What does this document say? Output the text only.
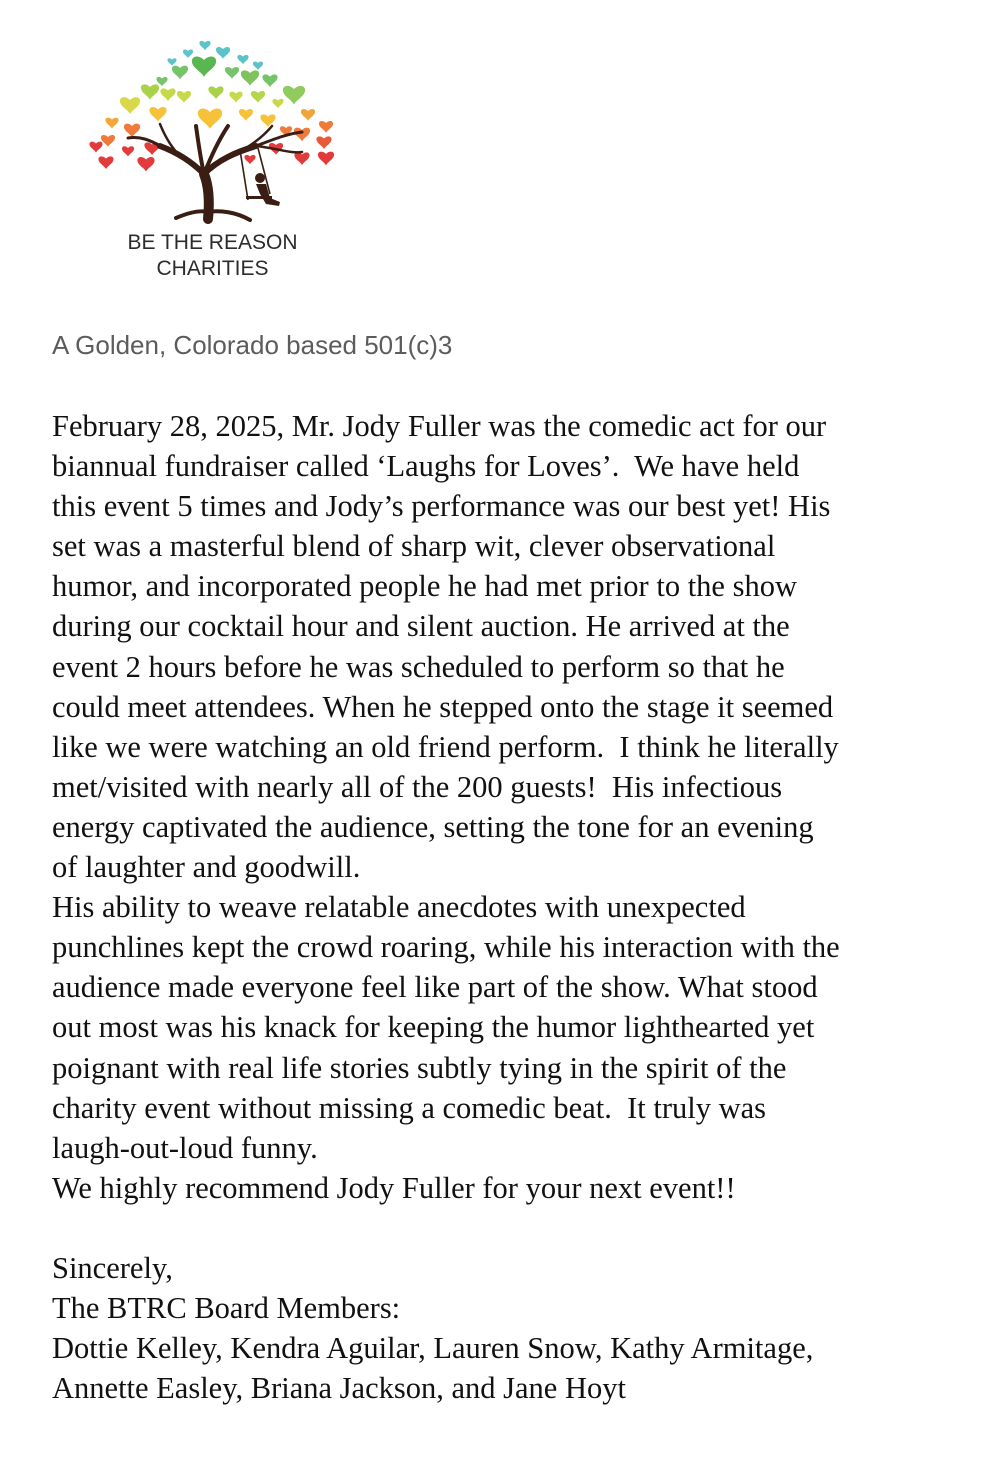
BE THE REASON
CHARITIES
A Golden, Colorado based 501(c)3
February 28, 2025, Mr. Jody Fuller was the comedic act for our
biannual fundraiser called ‘Laughs for Loves’.  We have held
this event 5 times and Jody’s performance was our best yet! His
set was a masterful blend of sharp wit, clever observational
humor, and incorporated people he had met prior to the show
during our cocktail hour and silent auction. He arrived at the
event 2 hours before he was scheduled to perform so that he
could meet attendees. When he stepped onto the stage it seemed
like we were watching an old friend perform.  I think he literally
met/visited with nearly all of the 200 guests!  His infectious
energy captivated the audience, setting the tone for an evening
of laughter and goodwill.
His ability to weave relatable anecdotes with unexpected
punchlines kept the crowd roaring, while his interaction with the
audience made everyone feel like part of the show. What stood
out most was his knack for keeping the humor lighthearted yet
poignant with real life stories subtly tying in the spirit of the
charity event without missing a comedic beat.  It truly was
laugh-out-loud funny.
We highly recommend Jody Fuller for your next event!!
Sincerely,
The BTRC Board Members:
Dottie Kelley, Kendra Aguilar, Lauren Snow, Kathy Armitage,
Annette Easley, Briana Jackson, and Jane Hoyt
